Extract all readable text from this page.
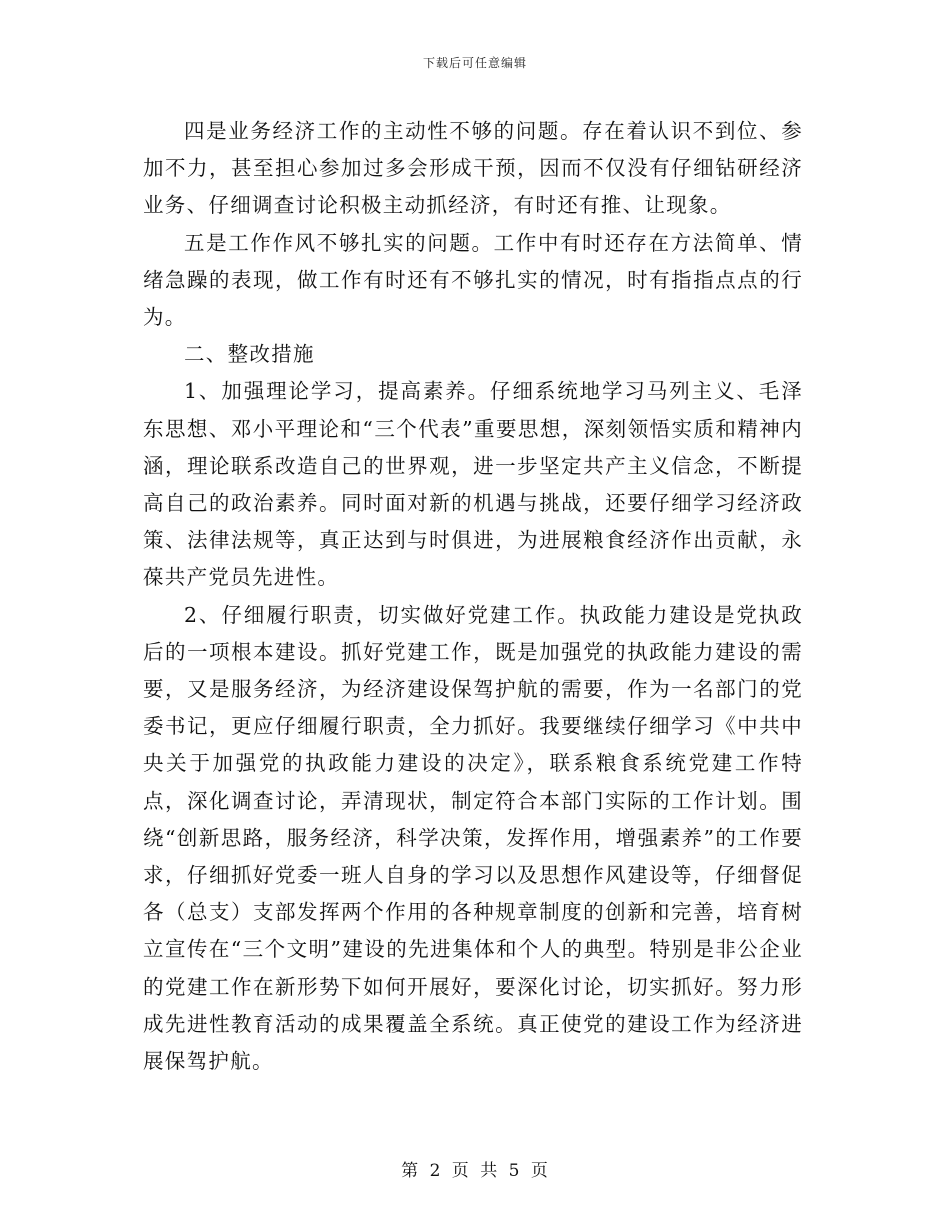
下载后可任意编辑

四是业务经济工作的主动性不够的问题。存在着认识不到位、参加不力，甚至担心参加过多会形成干预，因而不仅没有仔细钻研经济业务、仔细调查讨论积极主动抓经济，有时还有推、让现象。

五是工作作风不够扎实的问题。工作中有时还存在方法简单、情绪急躁的表现，做工作有时还有不够扎实的情况，时有指指点点的行为。

二、整改措施

1、加强理论学习，提高素养。仔细系统地学习马列主义、毛泽东思想、邓小平理论和“三个代表”重要思想，深刻领悟实质和精神内涵，理论联系改造自己的世界观，进一步坚定共产主义信念，不断提高自己的政治素养。同时面对新的机遇与挑战，还要仔细学习经济政策、法律法规等，真正达到与时俱进，为进展粮食经济作出贡献，永葆共产党员先进性。

2、仔细履行职责，切实做好党建工作。执政能力建设是党执政后的一项根本建设。抓好党建工作，既是加强党的执政能力建设的需要，又是服务经济，为经济建设保驾护航的需要，作为一名部门的党委书记，更应仔细履行职责，全力抓好。我要继续仔细学习《中共中央关于加强党的执政能力建设的决定》，联系粮食系统党建工作特点，深化调查讨论，弄清现状，制定符合本部门实际的工作计划。围绕“创新思路，服务经济，科学决策，发挥作用，增强素养”的工作要求，仔细抓好党委一班人自身的学习以及思想作风建设等，仔细督促各（总支）支部发挥两个作用的各种规章制度的创新和完善，培育树立宣传在“三个文明”建设的先进集体和个人的典型。特别是非公企业的党建工作在新形势下如何开展好，要深化讨论，切实抓好。努力形成先进性教育活动的成果覆盖全系统。真正使党的建设工作为经济进展保驾护航。

第 2 页 共 5 页
